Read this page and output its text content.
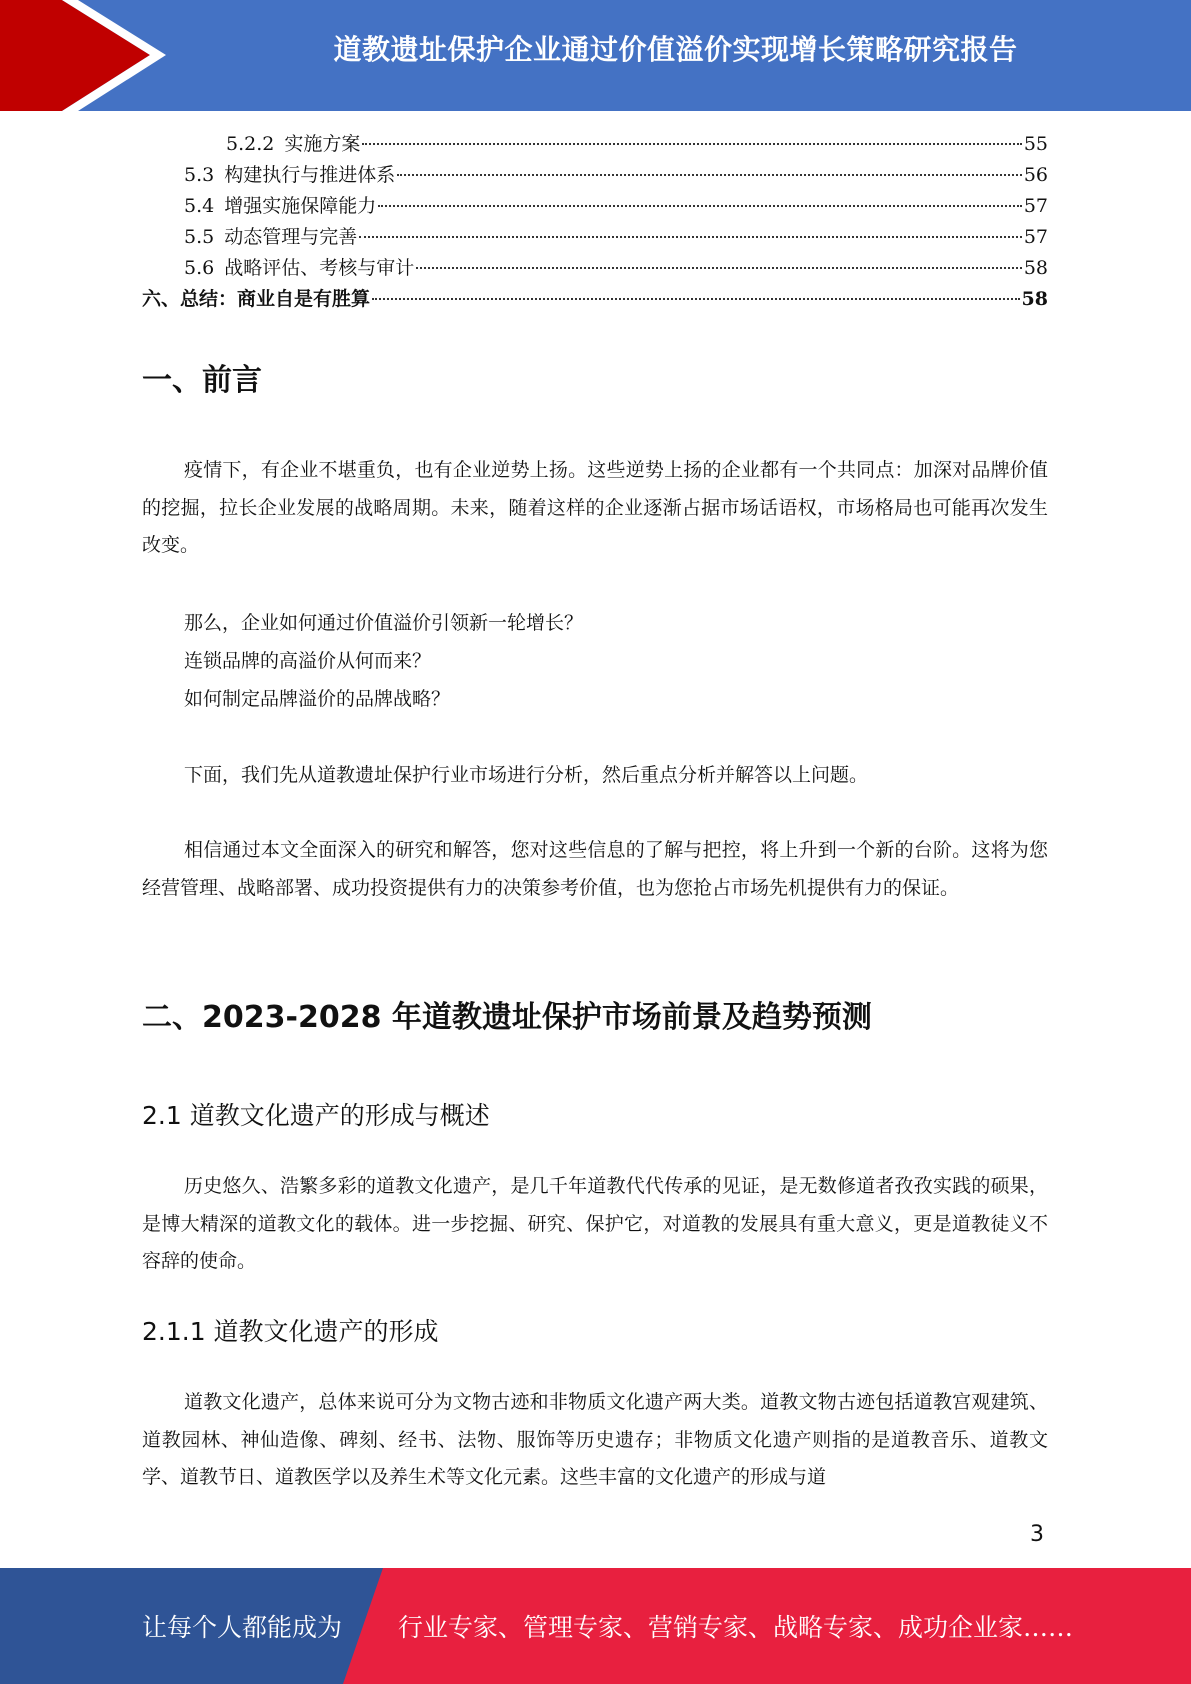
道教遗址保护企业通过价值溢价实现增长策略研究报告
5.2.2 实施方案	55
5.3 构建执行与推进体系	56
5.4 增强实施保障能力	57
5.5 动态管理与完善	57
5.6 战略评估、考核与审计	58
六、总结：商业自是有胜算	58
一、前言
疫情下，有企业不堪重负，也有企业逆势上扬。这些逆势上扬的企业都有一个共同点：加深对品牌价值的挖掘，拉长企业发展的战略周期。未来，随着这样的企业逐渐占据市场话语权，市场格局也可能再次发生改变。
那么，企业如何通过价值溢价引领新一轮增长？
连锁品牌的高溢价从何而来？
如何制定品牌溢价的品牌战略？
下面，我们先从道教遗址保护行业市场进行分析，然后重点分析并解答以上问题。
相信通过本文全面深入的研究和解答，您对这些信息的了解与把控，将上升到一个新的台阶。这将为您经营管理、战略部署、成功投资提供有力的决策参考价值，也为您抢占市场先机提供有力的保证。
二、2023-2028 年道教遗址保护市场前景及趋势预测
2.1 道教文化遗产的形成与概述
历史悠久、浩繁多彩的道教文化遗产，是几千年道教代代传承的见证，是无数修道者孜孜实践的硕果，是博大精深的道教文化的载体。进一步挖掘、研究、保护它，对道教的发展具有重大意义，更是道教徒义不容辞的使命。
2.1.1 道教文化遗产的形成
道教文化遗产，总体来说可分为文物古迹和非物质文化遗产两大类。道教文物古迹包括道教宫观建筑、道教园林、神仙造像、碑刻、经书、法物、服饰等历史遗存；非物质文化遗产则指的是道教音乐、道教文学、道教节日、道教医学以及养生术等文化元素。这些丰富的文化遗产的形成与道
3
让每个人都能成为 行业专家、管理专家、营销专家、战略专家、成功企业家……
